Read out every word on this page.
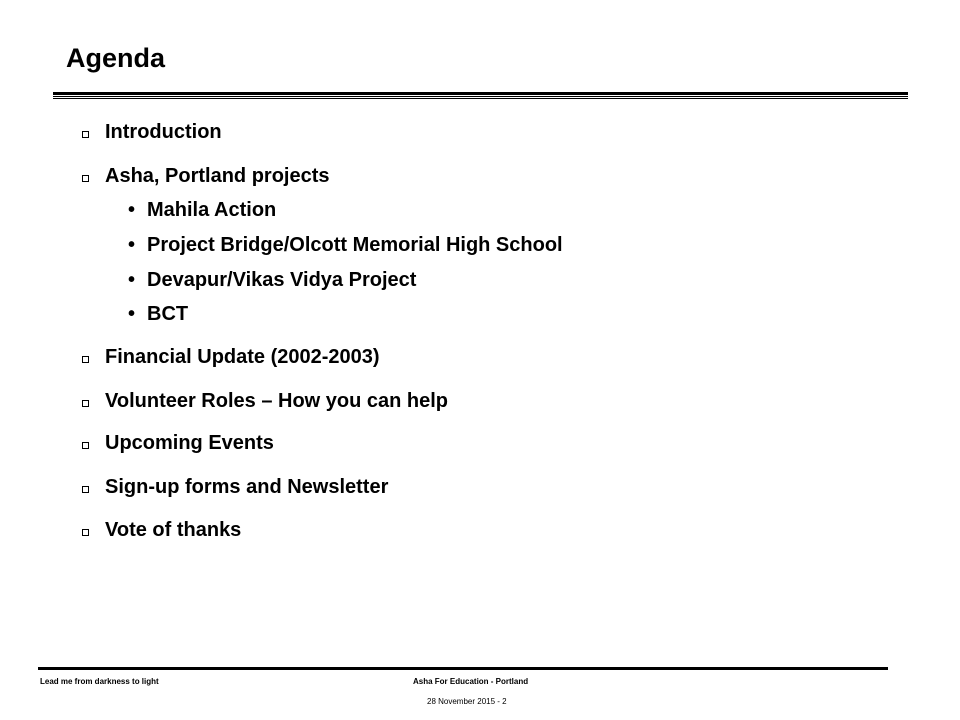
Agenda
Introduction
Asha, Portland projects
• Mahila Action
• Project Bridge/Olcott Memorial High School
• Devapur/Vikas Vidya Project
• BCT
Financial Update (2002-2003)
Volunteer Roles – How you can help
Upcoming Events
Sign-up forms and Newsletter
Vote of thanks
Lead me from darkness to light	Asha For Education - Portland
28 November 2015 - 2
